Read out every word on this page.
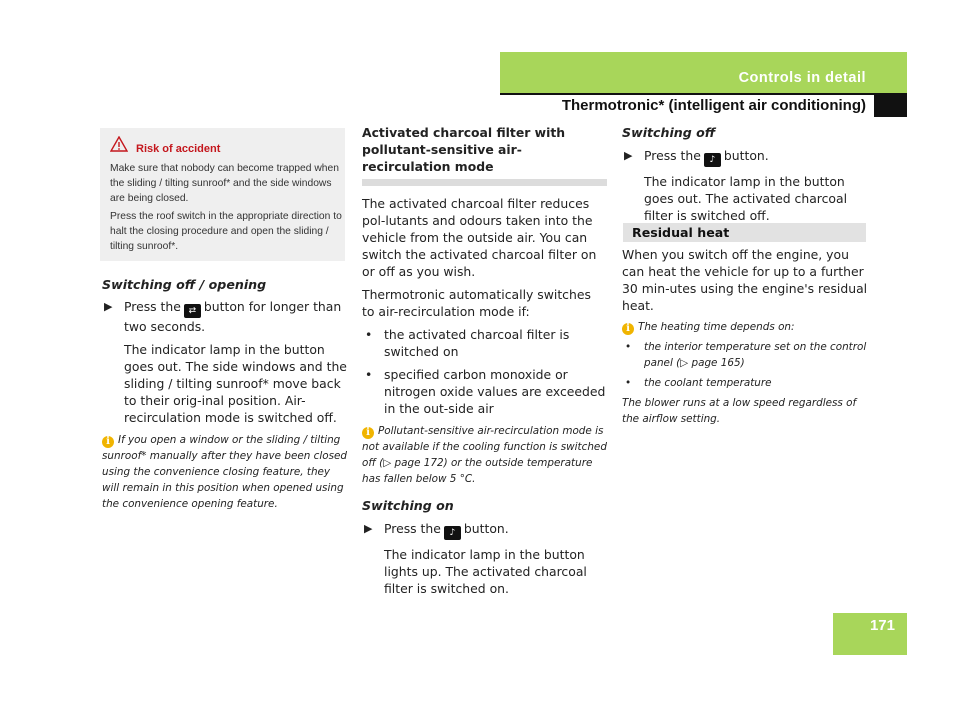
Controls in detail
Thermotronic* (intelligent air conditioning)
Risk of accident
Make sure that nobody can become trapped when the sliding / tilting sunroof* and the side windows are being closed.
Press the roof switch in the appropriate direction to halt the closing procedure and open the sliding / tilting sunroof*.

Switching off / opening

▶ Press the ⇄ button for longer than two seconds.

The indicator lamp in the button goes out. The side windows and the sliding / tilting sunroof* move back to their orig-inal position. Air-recirculation mode is switched off.

i If you open a window or the sliding / tilting sunroof* manually after they have been closed using the convenience closing feature, they will remain in this position when opened using the convenience opening feature.

Activated charcoal filter with pollutant-sensitive air-recirculation mode

The activated charcoal filter reduces pol-lutants and odours taken into the vehicle from the outside air. You can switch the activated charcoal filter on or off as you wish.

Thermotronic automatically switches to air-recirculation mode if:

• the activated charcoal filter is switched on
• specified carbon monoxide or nitrogen oxide values are exceeded in the out-side air

i Pollutant-sensitive air-recirculation mode is not available if the cooling function is switched off (▷ page 172) or the outside temperature has fallen below 5 °C.

Switching on

▶ Press the ♪ button.

The indicator lamp in the button lights up. The activated charcoal filter is switched on.

Switching off

▶ Press the ♪ button.

The indicator lamp in the button goes out. The activated charcoal filter is switched off.

Residual heat

When you switch off the engine, you can heat the vehicle for up to a further 30 min-utes using the engine's residual heat.

i The heating time depends on:

• the interior temperature set on the control panel (▷ page 165)
• the coolant temperature

The blower runs at a low speed regardless of the airflow setting.

171
